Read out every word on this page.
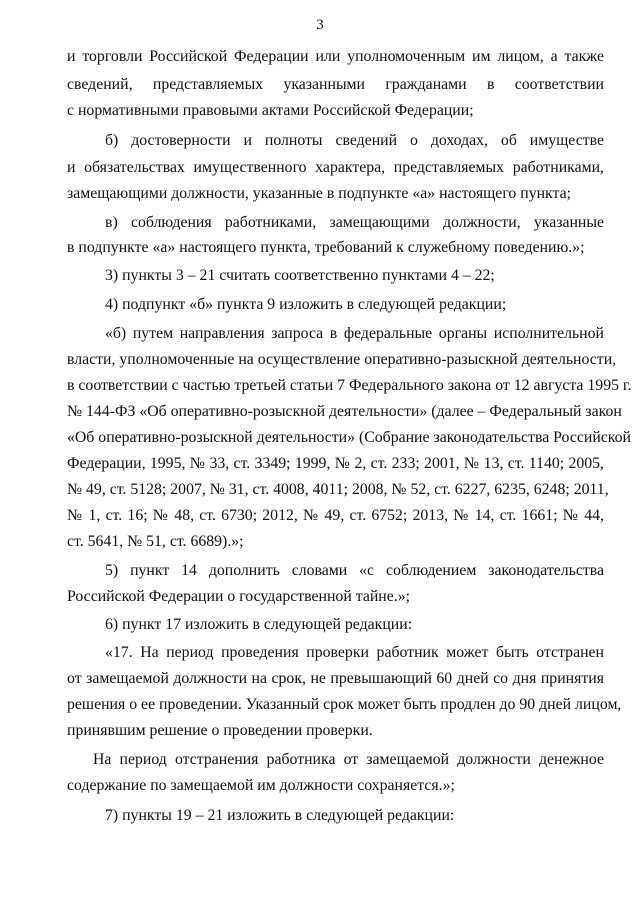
3
и торговли Российской Федерации или уполномоченным им лицом, а также
сведений, представляемых указанными гражданами в соответствии
с нормативными правовыми актами Российской Федерации;
б) достоверности и полноты сведений о доходах, об имуществе
и обязательствах имущественного характера, представляемых работниками,
замещающими должности, указанные в подпункте «а» настоящего пункта;
в) соблюдения работниками, замещающими должности, указанные
в подпункте «а» настоящего пункта, требований к служебному поведению.»;
3) пункты 3 – 21 считать соответственно пунктами 4 – 22;
4) подпункт «б» пункта 9 изложить в следующей редакции;
«б) путем направления запроса в федеральные органы исполнительной
власти, уполномоченные на осуществление оперативно-разыскной деятельности,
в соответствии с частью третьей статьи 7 Федерального закона от 12 августа 1995 г.
№ 144-ФЗ «Об оперативно-розыскной деятельности» (далее – Федеральный закон
«Об оперативно-розыскной деятельности» (Собрание законодательства Российской
Федерации, 1995, № 33, ст. 3349; 1999, № 2, ст. 233; 2001, № 13, ст. 1140; 2005,
№ 49, ст. 5128; 2007, № 31, ст. 4008, 4011; 2008, № 52, ст. 6227, 6235, 6248; 2011,
№ 1, ст. 16; № 48, ст. 6730; 2012, № 49, ст. 6752; 2013, № 14, ст. 1661; № 44,
ст. 5641, № 51, ст. 6689).»;
5) пункт 14 дополнить словами «с соблюдением законодательства
Российской Федерации о государственной тайне.»;
6) пункт 17 изложить в следующей редакции:
«17. На период проведения проверки работник может быть отстранен
от замещаемой должности на срок, не превышающий 60 дней со дня принятия
решения о ее проведении. Указанный срок может быть продлен до 90 дней лицом,
принявшим решение о проведении проверки.
На период отстранения работника от замещаемой должности денежное
содержание по замещаемой им должности сохраняется.»;
7) пункты 19 – 21 изложить в следующей редакции:
